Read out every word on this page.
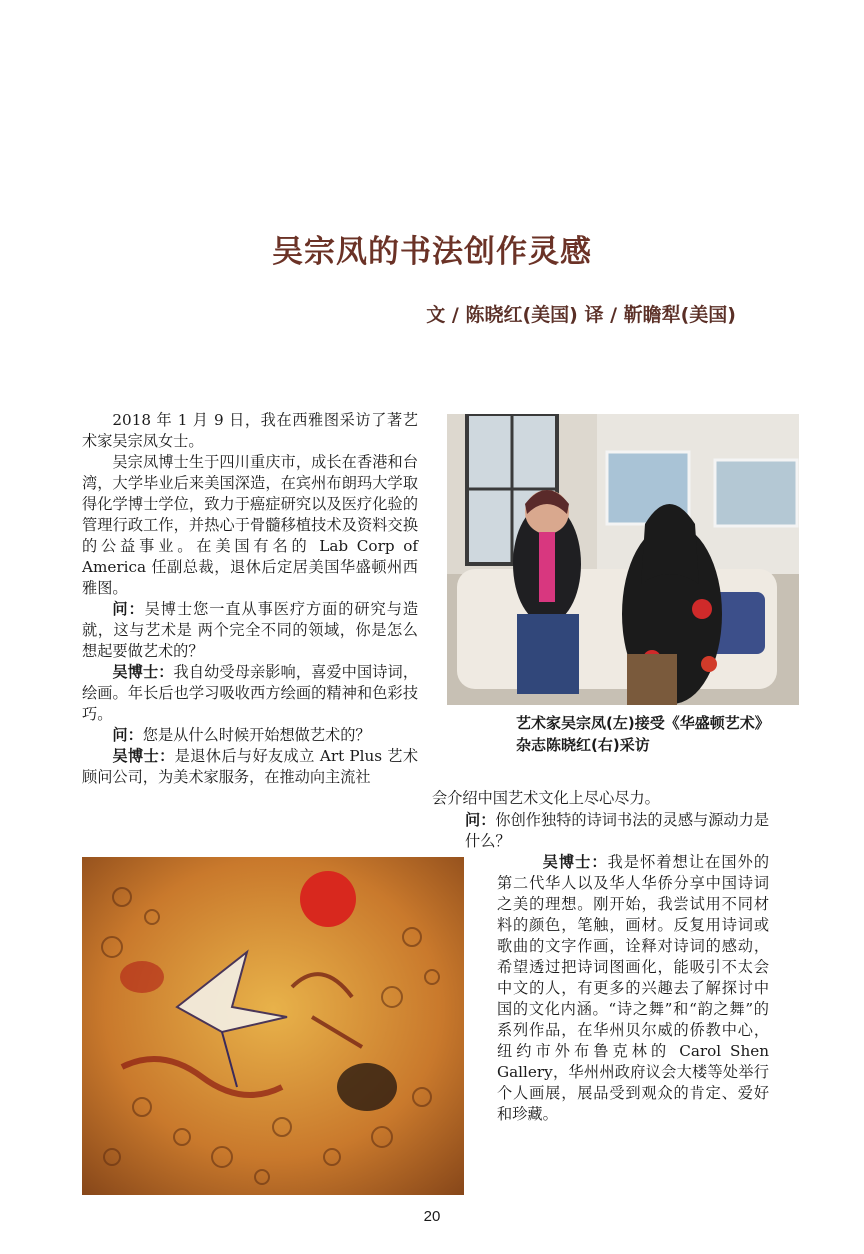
吴宗凤的书法创作灵感
文 / 陈晓红(美国) 译 / 靳瞻犁(美国)

2018 年 1 月 9 日，我在西雅图采访了著艺术家吴宗凤女士。

吴宗凤博士生于四川重庆市，成长在香港和台湾，大学毕业后来美国深造，在宾州布朗玛大学取得化学博士学位，致力于癌症研究以及医疗化验的管理行政工作，并热心于骨髓移植技术及资料交换的公益事业。在美国有名的 Lab Corp of America 任副总裁，退休后定居美国华盛顿州西雅图。

问：吴博士您一直从事医疗方面的研究与造就，这与艺术是 两个完全不同的领域，你是怎么想起要做艺术的？

吴博士：我自幼受母亲影响，喜爱中国诗词，绘画。年长后也学习吸收西方绘画的精神和色彩技巧。

问：您是从什么时候开始想做艺术的？

吴博士：是退休后与好友成立 Art Plus 艺术顾问公司，为美术家服务，在推动向主流社

会介绍中国艺术文化上尽心尽力。

问：你创作独特的诗词书法的灵感与源动力是什么？

吴博士：我是怀着想让在国外的第二代华人以及华人华侨分享中国诗词之美的理想。刚开始，我尝试用不同材料的颜色，笔触，画材。反复用诗词或歌曲的文字作画，诠释对诗词的感动，希望透过把诗词图画化，能吸引不太会中文的人，有更多的兴趣去了解探讨中国的文化内涵。“诗之舞”和“韵之舞”的系列作品，在华州贝尔威的侨教中心，纽约市外布鲁克林的 Carol Shen Gallery，华州州政府议会大楼等处举行个人画展，展品受到观众的肯定、爱好和珍藏。

艺术家吴宗凤(左)接受《华盛顿艺术》
杂志陈晓红(右)采访
20
